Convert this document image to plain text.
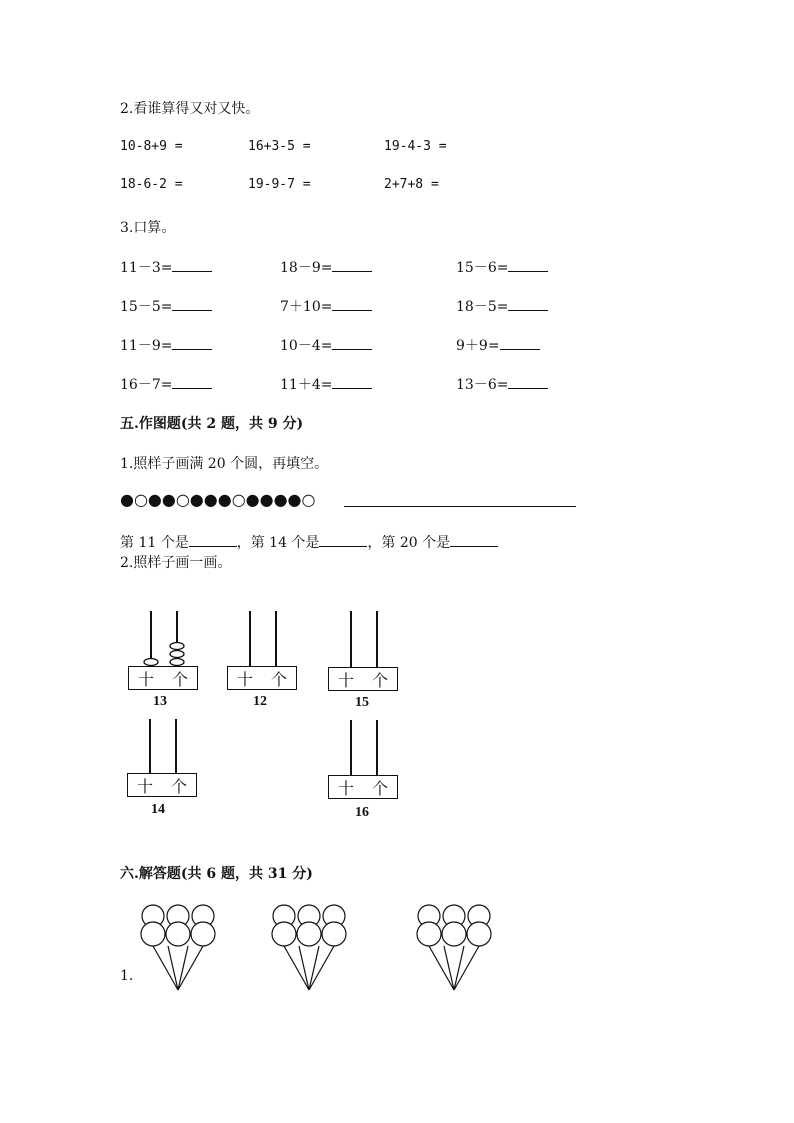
2.看谁算得又对又快。
10-8+9 =	16+3-5 =	19-4-3 =
18-6-2 =	19-9-7 =	2+7+8 =
3.口算。
11－3=	18－9=	15－6=
15－5=	7＋10=	18－5=
11－9=	10－4=	9＋9=
16－7=	11＋4=	13－6=
五.作图题(共 2 题，共 9 分)
1.照样子画满 20 个圆，再填空。
●○●●○●●●○●●●●○
第 11 个是	，第 14 个是	，第 20 个是
2.照样子画一画。
十 个
13
十 个
12
十 个
15
十 个
14
十 个
16
六.解答题(共 6 题，共 31 分)
1.
